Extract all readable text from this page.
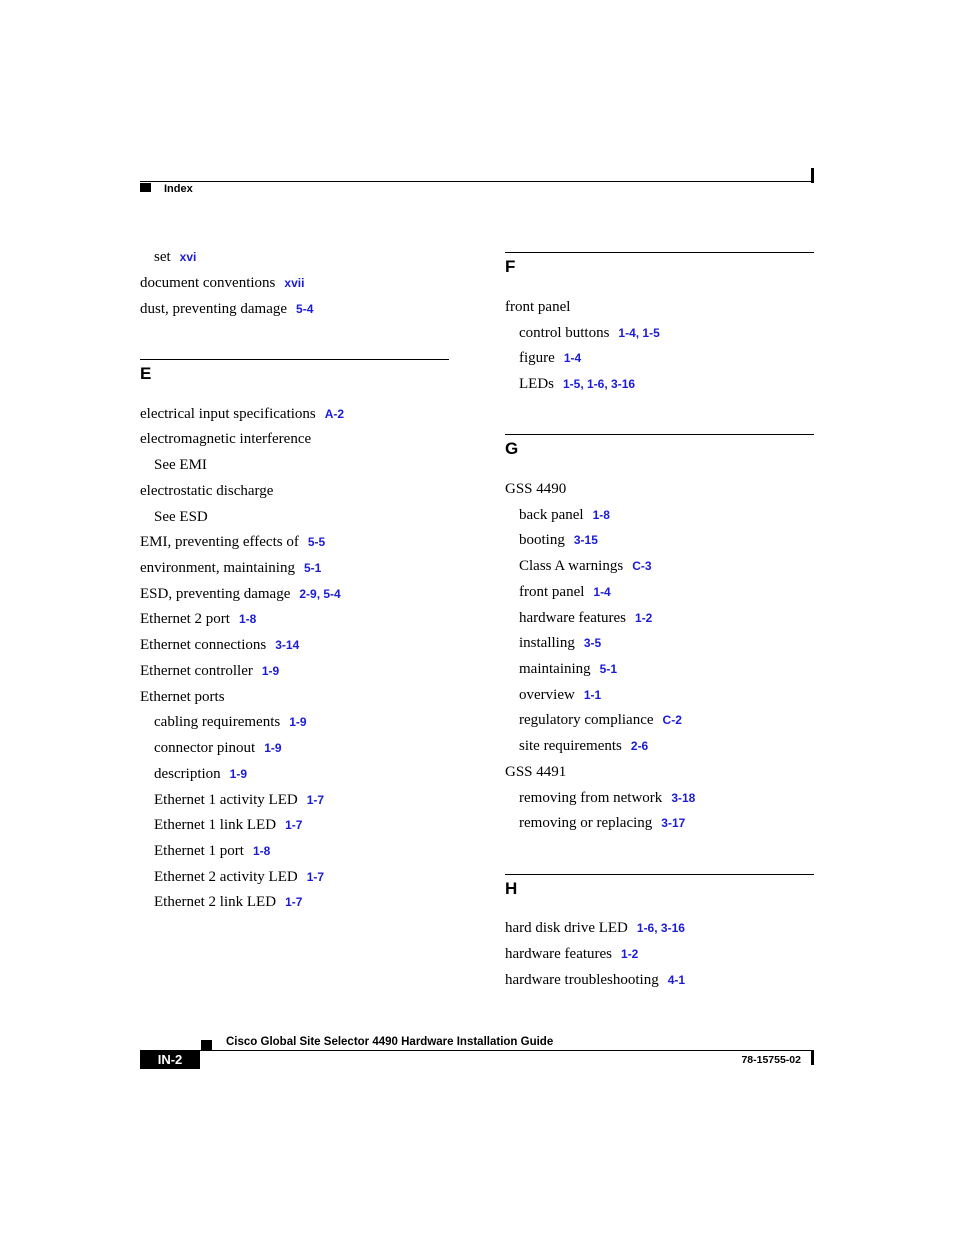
Index
set xvi
document conventions xvii
dust, preventing damage 5-4
E
electrical input specifications A-2
electromagnetic interference
See EMI
electrostatic discharge
See ESD
EMI, preventing effects of 5-5
environment, maintaining 5-1
ESD, preventing damage 2-9, 5-4
Ethernet 2 port 1-8
Ethernet connections 3-14
Ethernet controller 1-9
Ethernet ports
cabling requirements 1-9
connector pinout 1-9
description 1-9
Ethernet 1 activity LED 1-7
Ethernet 1 link LED 1-7
Ethernet 1 port 1-8
Ethernet 2 activity LED 1-7
Ethernet 2 link LED 1-7
F
front panel
control buttons 1-4, 1-5
figure 1-4
LEDs 1-5, 1-6, 3-16
G
GSS 4490
back panel 1-8
booting 3-15
Class A warnings C-3
front panel 1-4
hardware features 1-2
installing 3-5
maintaining 5-1
overview 1-1
regulatory compliance C-2
site requirements 2-6
GSS 4491
removing from network 3-18
removing or replacing 3-17
H
hard disk drive LED 1-6, 3-16
hardware features 1-2
hardware troubleshooting 4-1
Cisco Global Site Selector 4490 Hardware Installation Guide
IN-2	78-15755-02
